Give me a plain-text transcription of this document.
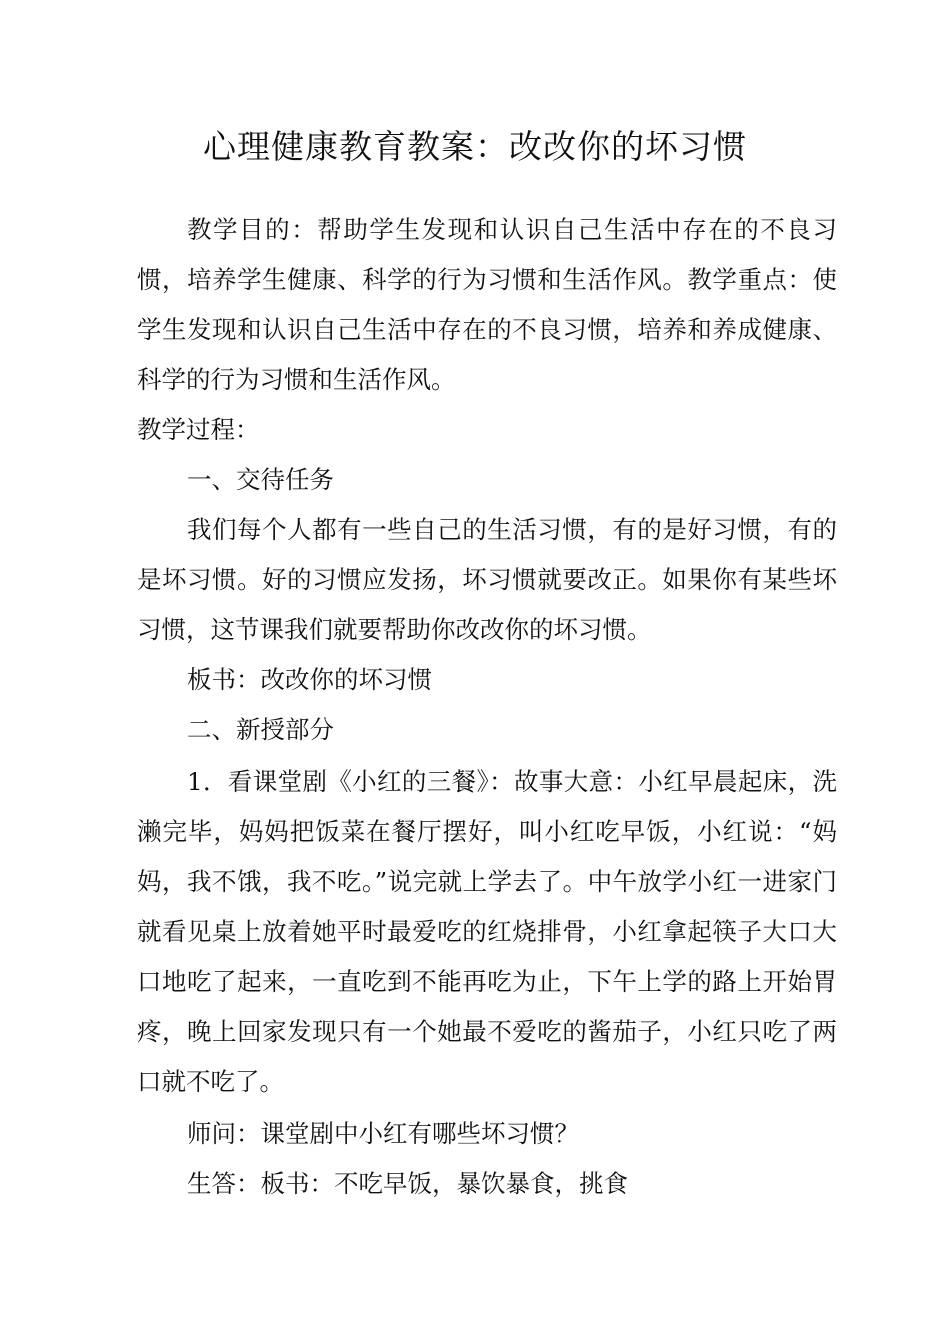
心理健康教育教案：改改你的坏习惯

教学目的：帮助学生发现和认识自己生活中存在的不良习惯，培养学生健康、科学的行为习惯和生活作风。教学重点：使学生发现和认识自己生活中存在的不良习惯，培养和养成健康、科学的行为习惯和生活作风。

教学过程：

一、交待任务

我们每个人都有一些自己的生活习惯，有的是好习惯，有的是坏习惯。好的习惯应发扬，坏习惯就要改正。如果你有某些坏习惯，这节课我们就要帮助你改改你的坏习惯。

板书：改改你的坏习惯

二、新授部分

1．看课堂剧《小红的三餐》：故事大意：小红早晨起床，洗濑完毕，妈妈把饭菜在餐厅摆好，叫小红吃早饭，小红说：“妈妈，我不饿，我不吃。”说完就上学去了。中午放学小红一进家门就看见桌上放着她平时最爱吃的红烧排骨，小红拿起筷子大口大口地吃了起来，一直吃到不能再吃为止，下午上学的路上开始胃疼，晚上回家发现只有一个她最不爱吃的酱茄子，小红只吃了两口就不吃了。

师问：课堂剧中小红有哪些坏习惯？

生答：板书：不吃早饭，暴饮暴食，挑食
